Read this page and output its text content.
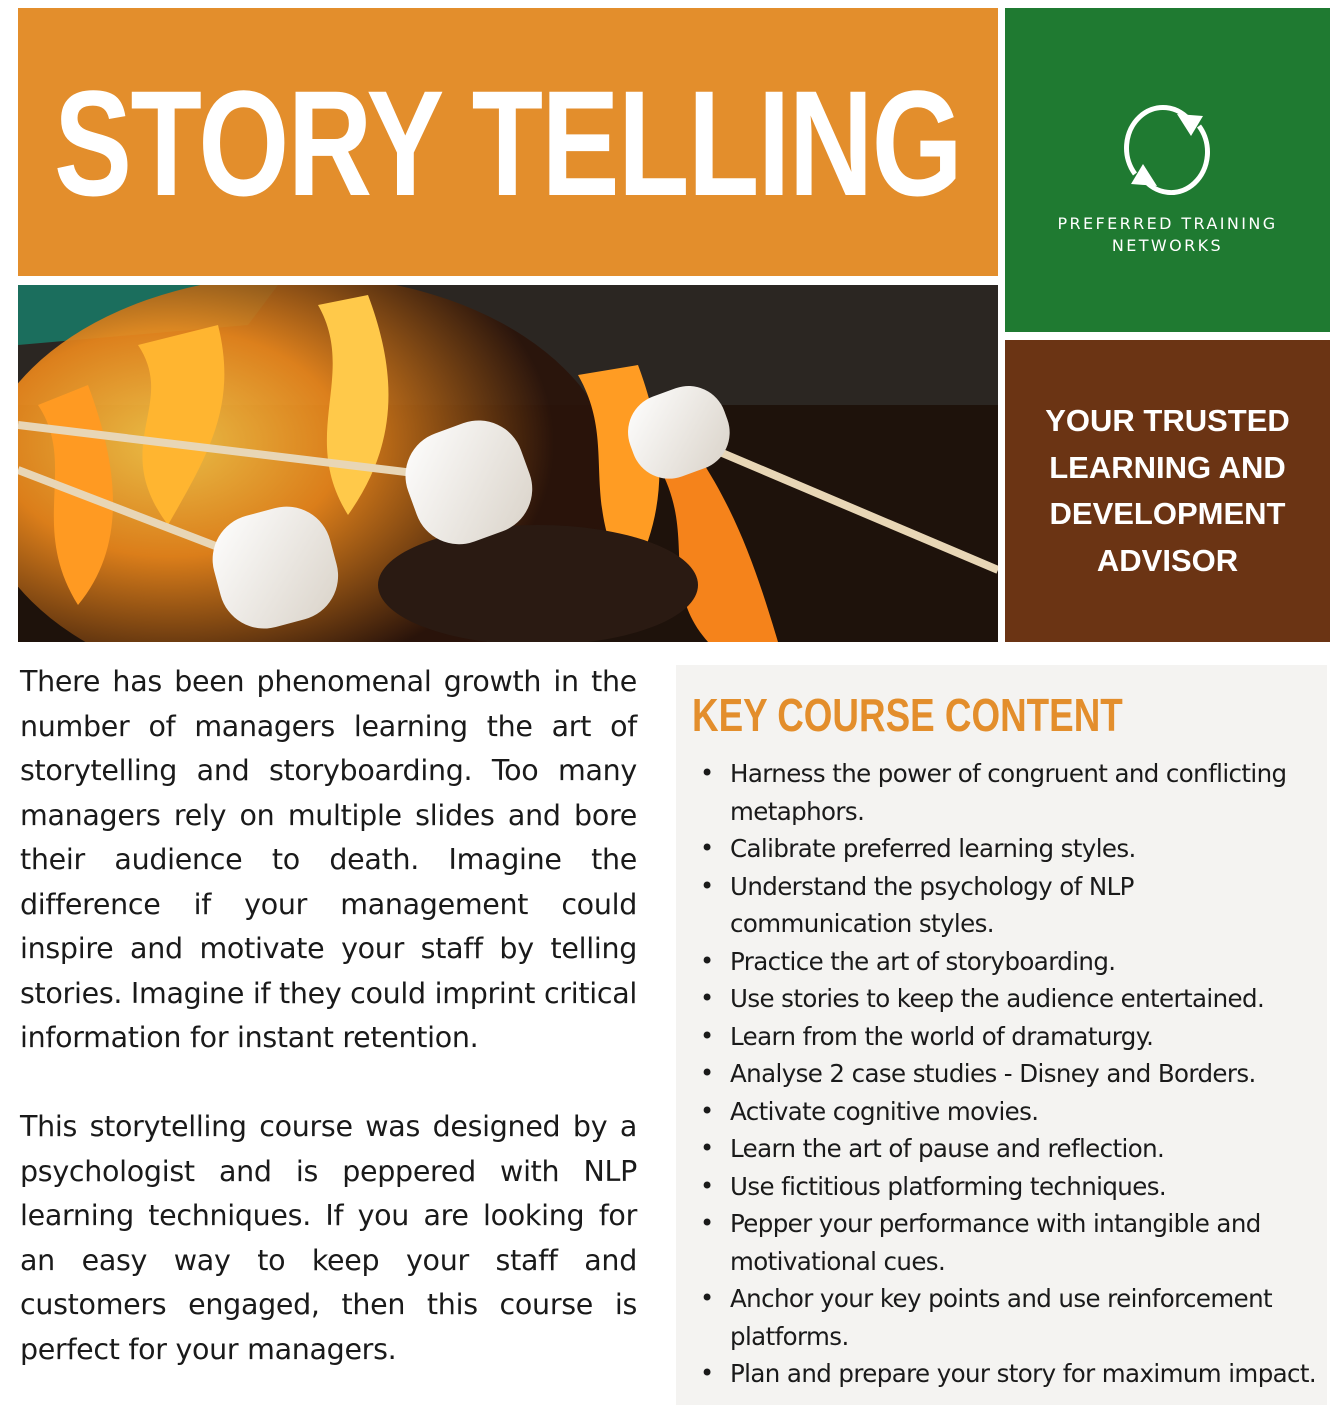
STORY TELLING	PREFERRED TRAINING
NETWORKS
YOUR TRUSTED LEARNING AND DEVELOPMENT ADVISOR

There has been phenomenal growth in the number of managers learning the art of storytelling and storyboarding. Too many managers rely on multiple slides and bore their audience to death. Imagine the difference if your management could inspire and motivate your staff by telling stories. Imagine if they could imprint critical information for instant retention.

This storytelling course was designed by a psychologist and is peppered with NLP learning techniques. If you are looking for an easy way to keep your staff and customers engaged, then this course is perfect for your managers.

KEY COURSE CONTENT
• Harness the power of congruent and conflicting metaphors.
• Calibrate preferred learning styles.
• Understand the psychology of NLP communication styles.
• Practice the art of storyboarding.
• Use stories to keep the audience entertained.
• Learn from the world of dramaturgy.
• Analyse 2 case studies - Disney and Borders.
• Activate cognitive movies.
• Learn the art of pause and reflection.
• Use fictitious platforming techniques.
• Pepper your performance with intangible and motivational cues.
• Anchor your key points and use reinforcement platforms.
• Plan and prepare your story for maximum impact.
